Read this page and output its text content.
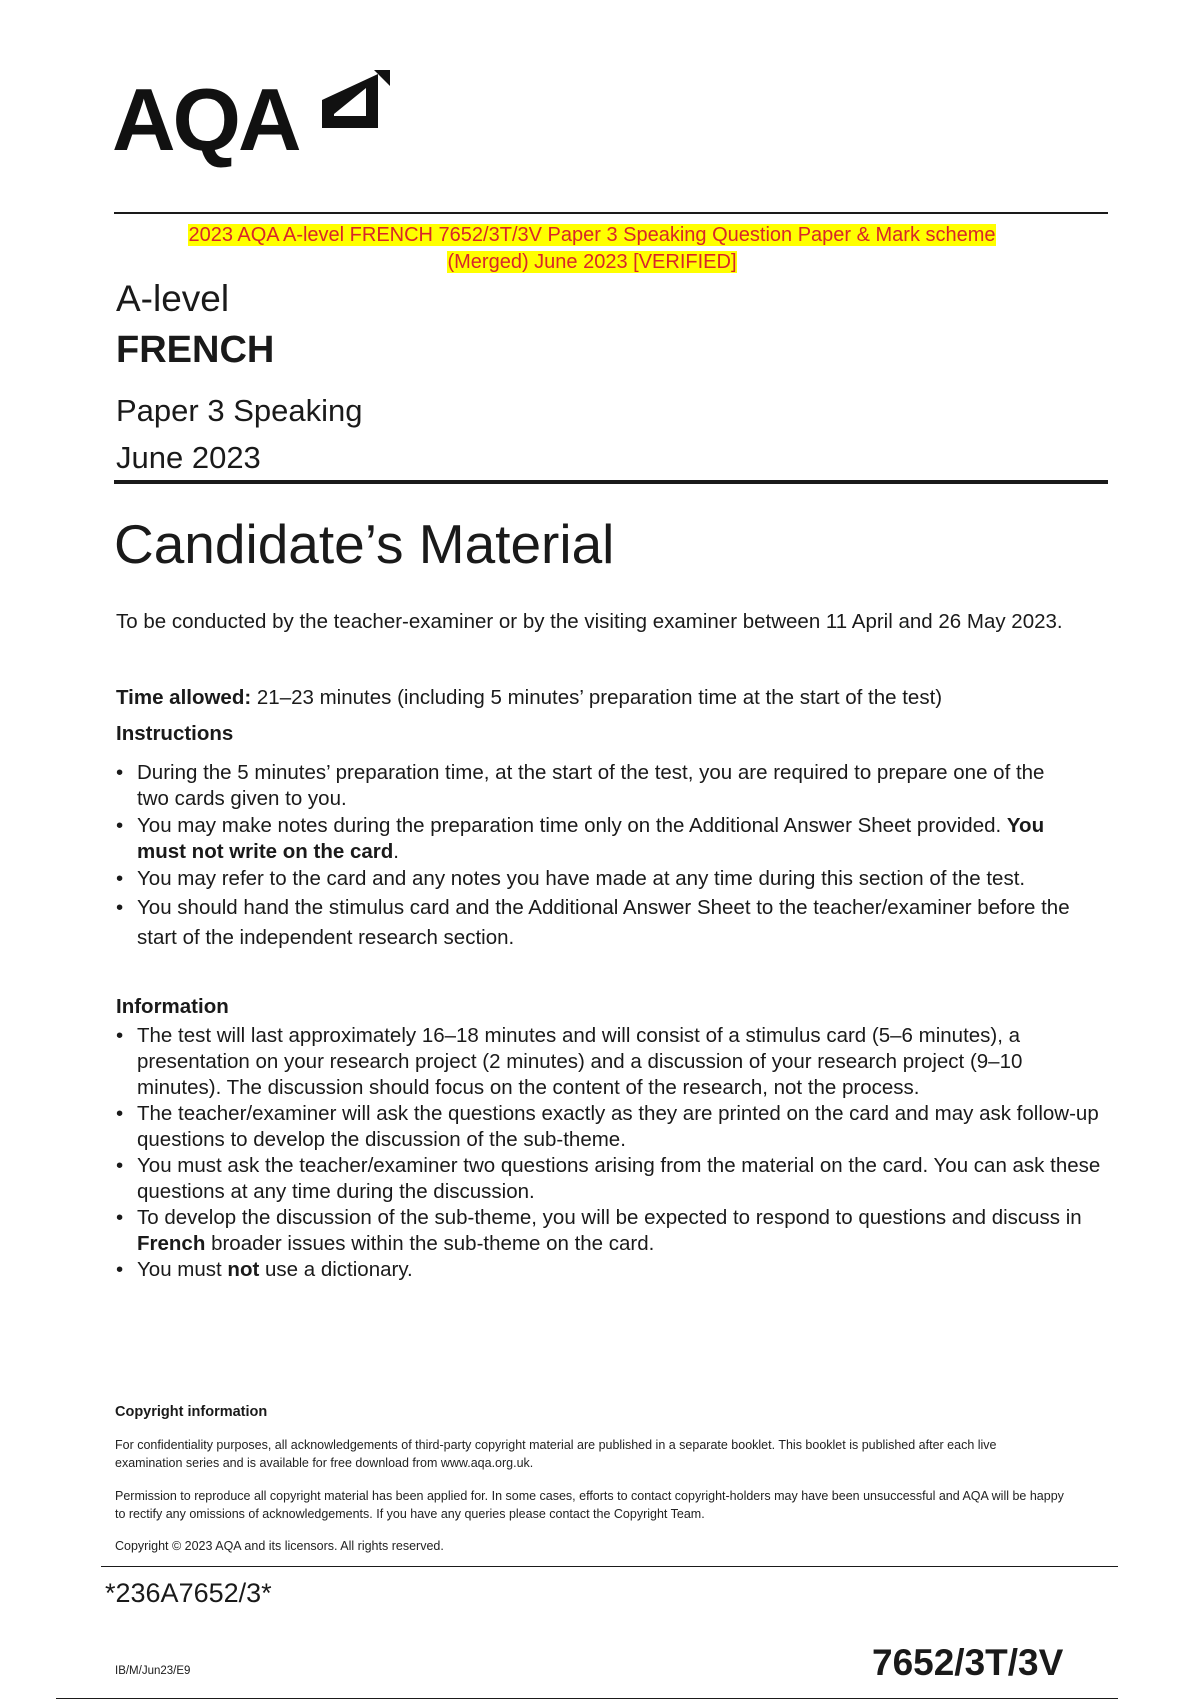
AQA
2023 AQA A-level FRENCH 7652/3T/3V Paper 3 Speaking Question Paper & Mark scheme
(Merged) June 2023 [VERIFIED]
A-level
FRENCH
Paper 3 Speaking
June 2023
Candidate’s Material
To be conducted by the teacher-examiner or by the visiting examiner between 11 April and 26 May 2023.
Time allowed: 21–23 minutes (including 5 minutes’ preparation time at the start of the test)
Instructions
• During the 5 minutes’ preparation time, at the start of the test, you are required to prepare one of the two cards given to you.
• You may make notes during the preparation time only on the Additional Answer Sheet provided. You must not write on the card.
• You may refer to the card and any notes you have made at any time during this section of the test.
• You should hand the stimulus card and the Additional Answer Sheet to the teacher/examiner before the start of the independent research section.
Information
• The test will last approximately 16–18 minutes and will consist of a stimulus card (5–6 minutes), a presentation on your research project (2 minutes) and a discussion of your research project (9–10 minutes). The discussion should focus on the content of the research, not the process.
• The teacher/examiner will ask the questions exactly as they are printed on the card and may ask follow-up questions to develop the discussion of the sub-theme.
• You must ask the teacher/examiner two questions arising from the material on the card. You can ask these questions at any time during the discussion.
• To develop the discussion of the sub-theme, you will be expected to respond to questions and discuss in French broader issues within the sub-theme on the card.
• You must not use a dictionary.
Copyright information
For confidentiality purposes, all acknowledgements of third-party copyright material are published in a separate booklet. This booklet is published after each live examination series and is available for free download from www.aqa.org.uk.
Permission to reproduce all copyright material has been applied for. In some cases, efforts to contact copyright-holders may have been unsuccessful and AQA will be happy to rectify any omissions of acknowledgements. If you have any queries please contact the Copyright Team.
Copyright © 2023 AQA and its licensors. All rights reserved.
*236A7652/3*
IB/M/Jun23/E9	7652/3T/3V
